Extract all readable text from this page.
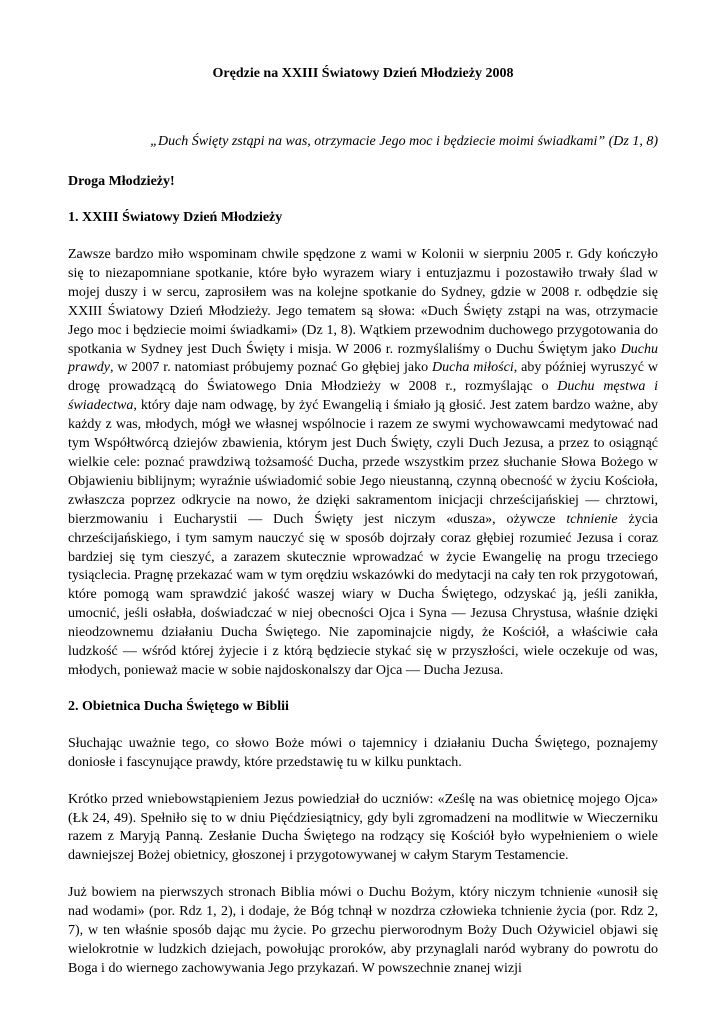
Orędzie na XXIII Światowy Dzień Młodzieży 2008
„Duch Święty zstąpi na was, otrzymacie Jego moc i będziecie moimi świadkami” (Dz 1, 8)
Droga Młodzieży!
1. XXIII Światowy Dzień Młodzieży

Zawsze bardzo miło wspominam chwile spędzone z wami w Kolonii w sierpniu 2005 r. Gdy kończyło się to niezapomniane spotkanie, które było wyrazem wiary i entuzjazmu i pozostawiło trwały ślad w mojej duszy i w sercu, zaprosiłem was na kolejne spotkanie do Sydney, gdzie w 2008 r. odbędzie się XXIII Światowy Dzień Młodzieży. Jego tematem są słowa: «Duch Święty zstąpi na was, otrzymacie Jego moc i będziecie moimi świadkami» (Dz 1, 8). Wątkiem przewodnim duchowego przygotowania do spotkania w Sydney jest Duch Święty i misja. W 2006 r. rozmyślaliśmy o Duchu Świętym jako Duchu prawdy, w 2007 r. natomiast próbujemy poznać Go głębiej jako Ducha miłości, aby później wyruszyć w drogę prowadzącą do Światowego Dnia Młodzieży w 2008 r., rozmyślając o Duchu męstwa i świadectwa, który daje nam odwagę, by żyć Ewangelią i śmiało ją głosić. Jest zatem bardzo ważne, aby każdy z was, młodych, mógł we własnej wspólnocie i razem ze swymi wychowawcami medytować nad tym Współtwórcą dziejów zbawienia, którym jest Duch Święty, czyli Duch Jezusa, a przez to osiągnąć wielkie cele: poznać prawdziwą tożsamość Ducha, przede wszystkim przez słuchanie Słowa Bożego w Objawieniu biblijnym; wyraźnie uświadomić sobie Jego nieustanną, czynną obecność w życiu Kościoła, zwłaszcza poprzez odkrycie na nowo, że dzięki sakramentom inicjacji chrześcijańskiej — chrztowi, bierzmowaniu i Eucharystii — Duch Święty jest niczym «dusza», ożywcze tchnienie życia chrześcijańskiego, i tym samym nauczyć się w sposób dojrzały coraz głębiej rozumieć Jezusa i coraz bardziej się tym cieszyć, a zarazem skutecznie wprowadzać w życie Ewangelię na progu trzeciego tysiąclecia. Pragnę przekazać wam w tym orędziu wskazówki do medytacji na cały ten rok przygotowań, które pomogą wam sprawdzić jakość waszej wiary w Ducha Świętego, odzyskać ją, jeśli zanikła, umocnić, jeśli osłabła, doświadczać w niej obecności Ojca i Syna — Jezusa Chrystusa, właśnie dzięki nieodzownemu działaniu Ducha Świętego. Nie zapominajcie nigdy, że Kościół, a właściwie cała ludzkość — wśród której żyjecie i z którą będziecie stykać się w przyszłości, wiele oczekuje od was, młodych, ponieważ macie w sobie najdoskonalszy dar Ojca — Ducha Jezusa.

2. Obietnica Ducha Świętego w Biblii

Słuchając uważnie tego, co słowo Boże mówi o tajemnicy i działaniu Ducha Świętego, poznajemy doniosłe i fascynujące prawdy, które przedstawię tu w kilku punktach.

Krótko przed wniebowstąpieniem Jezus powiedział do uczniów: «Ześlę na was obietnicę mojego Ojca» (Łk 24, 49). Spełniło się to w dniu Pięćdziesiątnicy, gdy byli zgromadzeni na modlitwie w Wieczerniku razem z Maryją Panną. Zesłanie Ducha Świętego na rodzący się Kościół było wypełnieniem o wiele dawniejszej Bożej obietnicy, głoszonej i przygotowywanej w całym Starym Testamencie.

Już bowiem na pierwszych stronach Biblia mówi o Duchu Bożym, który niczym tchnienie «unosił się nad wodami» (por. Rdz 1, 2), i dodaje, że Bóg tchnął w nozdrza człowieka tchnienie życia (por. Rdz 2, 7), w ten właśnie sposób dając mu życie. Po grzechu pierworodnym Boży Duch Ożywiciel objawi się wielokrotnie w ludzkich dziejach, powołując proroków, aby przynaglali naród wybrany do powrotu do Boga i do wiernego zachowywania Jego przykazań. W powszechnie znanej wizji
